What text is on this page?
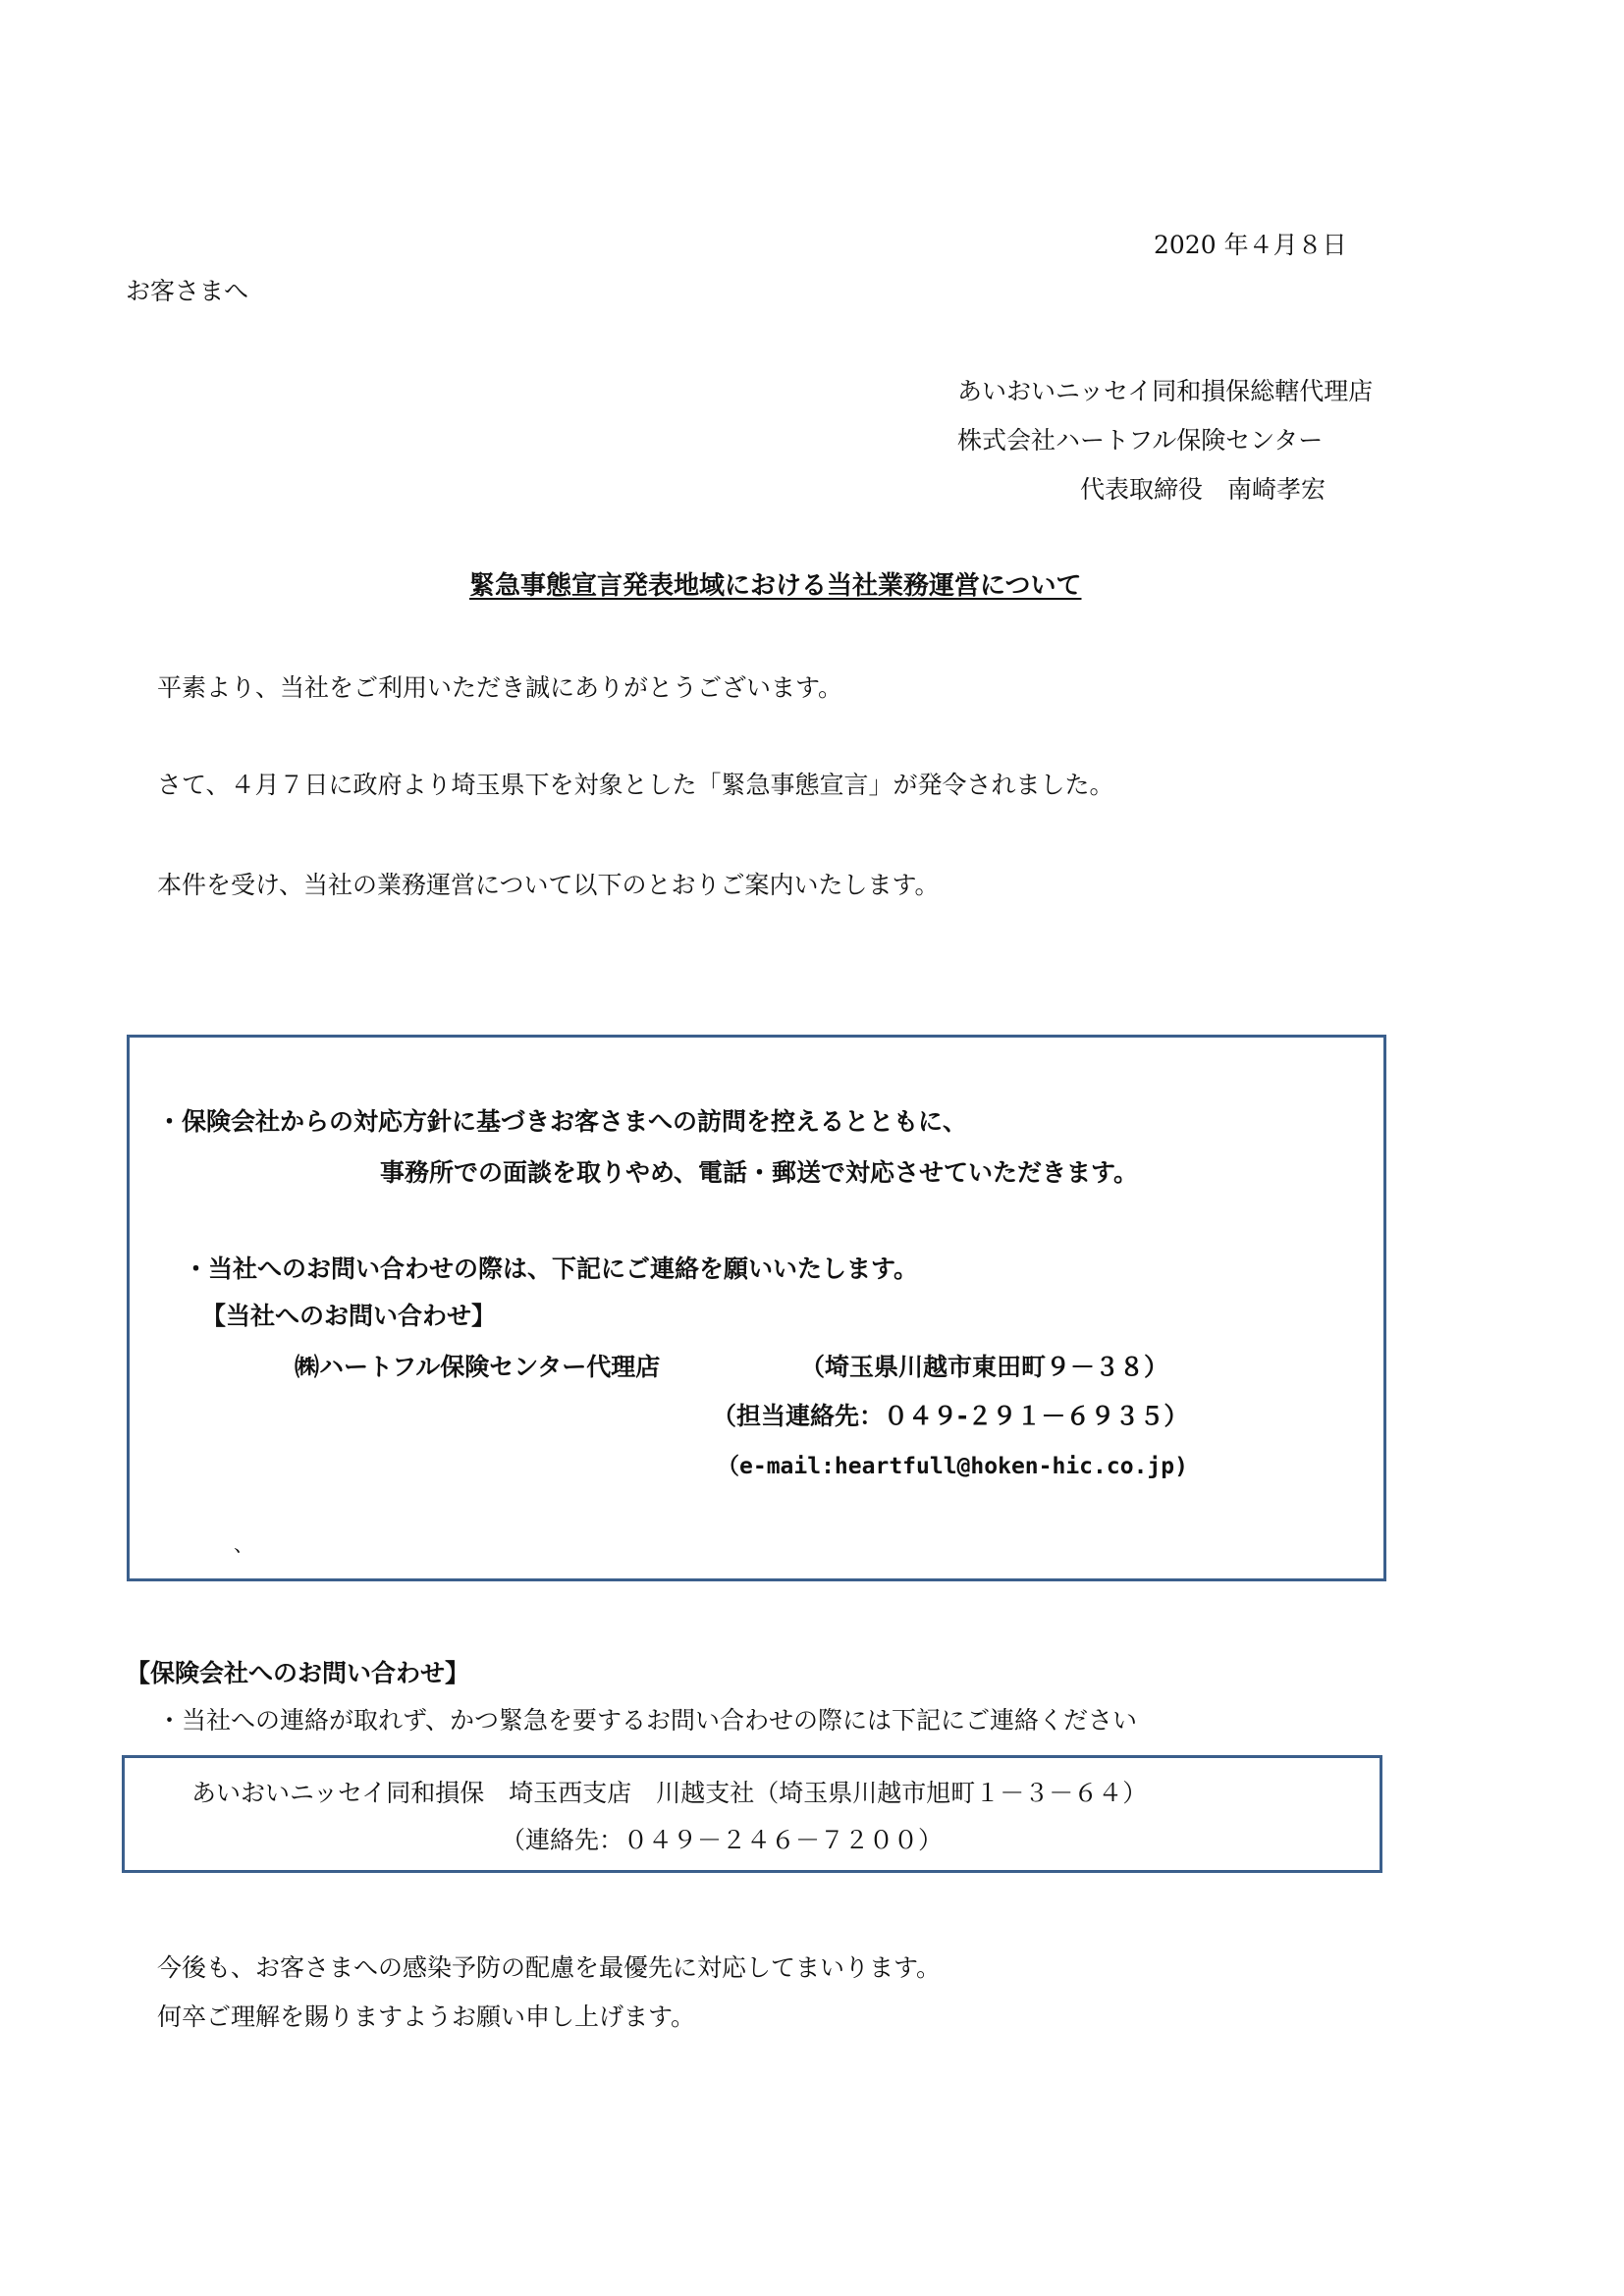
2020 年４月８日
お客さまへ
あいおいニッセイ同和損保総轄代理店
株式会社ハートフル保険センター
代表取締役　南崎孝宏
緊急事態宣言発表地域における当社業務運営について
平素より、当社をご利用いただき誠にありがとうございます。
さて、４月７日に政府より埼玉県下を対象とした「緊急事態宣言」が発令されました。
本件を受け、当社の業務運営について以下のとおりご案内いたします。
・保険会社からの対応方針に基づきお客さまへの訪問を控えるとともに、
事務所での面談を取りやめ、電話・郵送で対応させていただきます。
・当社へのお問い合わせの際は、下記にご連絡を願いいたします。
【当社へのお問い合わせ】
㈱ハートフル保険センター代理店	（埼玉県川越市東田町９－３８）
（担当連絡先：０４９‐２９１－６９３５）
（e-mail:heartfull@hoken-hic.co.jp)
、
【保険会社へのお問い合わせ】
・当社への連絡が取れず、かつ緊急を要するお問い合わせの際には下記にご連絡ください
あいおいニッセイ同和損保　埼玉西支店　川越支社（埼玉県川越市旭町１－３－６４）
（連絡先：０４９－２４６－７２００）
今後も、お客さまへの感染予防の配慮を最優先に対応してまいります。
何卒ご理解を賜りますようお願い申し上げます。
